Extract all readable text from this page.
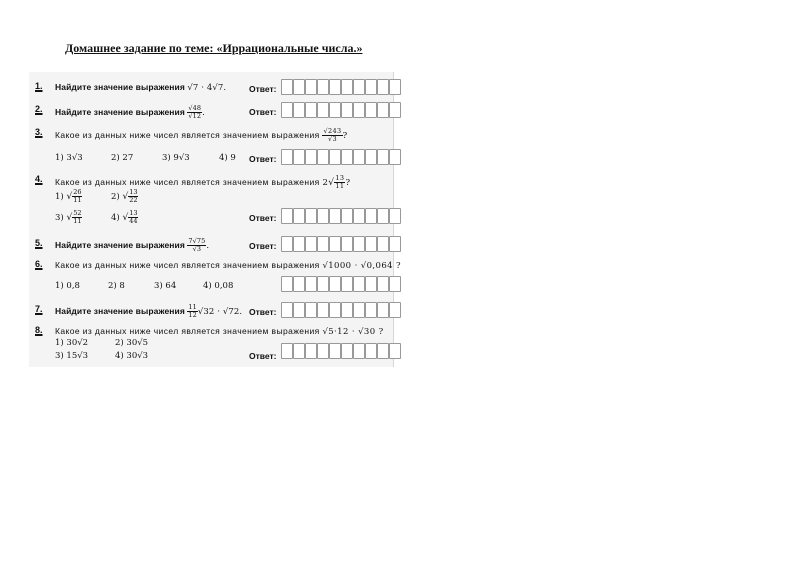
Домашнее задание по теме: «Иррациональные числа.»
1.	Найдите значение выражения √7 · 4√7.	Ответ:
2.	Найдите значение выражения $\frac{√48}{√12}$ .	Ответ:
3.	Какое из данных ниже чисел является значением выражения $\frac{√243}{√3}$ ?
1) 3√3	2) 27	3) 9√3	4) 9 Ответ:
4.	Какое из данных ниже чисел является значением выражения $2√ \frac{13}{11}$ ?
1) √ $\frac{26}{11}$	2) √ $\frac{13}{22}$
3) √ $\frac{52}{11}$	4) √ $\frac{13}{44}$	Ответ:
5.	Найдите значение выражения $\frac{7√75}{√3}$ .	Ответ:
6.	Какое из данных ниже чисел является значением выражения √1000 · √0,064 ?
1) 0,8	2) 8	3) 64	4) 0,08
7.	Найдите значение выражения $\frac{11}{12} √32 \cdot √72$. Ответ:
8.	Какое из данных ниже чисел является значением выражения √5·12 · √30 ?
1) 30√2	2) 30√5
3) 15√3	4) 30√3	Ответ:
